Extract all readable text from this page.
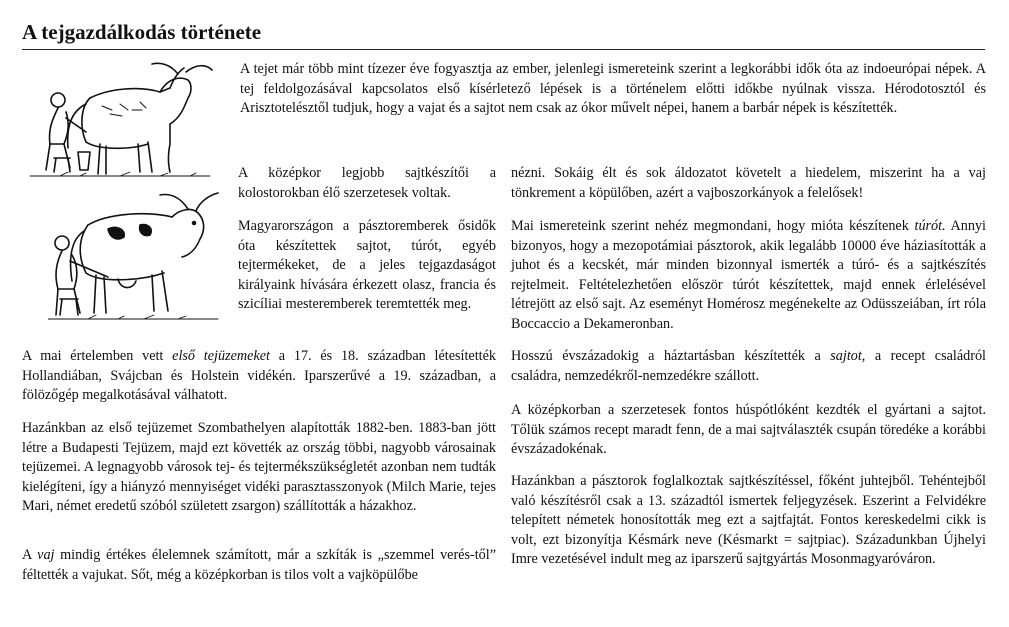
A tejgazdálkodás története

A tejet már több mint tízezer éve fogyasztja az ember, jelenlegi ismereteink szerint a legkorábbi idők óta az indoeurópai népek. A tej feldolgozásával kapcsolatos első kísérletező lépések is a történelem előtti időkbe nyúlnak vissza. Hérodotosztól és Arisztotelésztől tudjuk, hogy a vajat és a sajtot nem csak az ókor művelt népei, hanem a barbár népek is készítették.

A középkor legjobb sajtkészítői a kolostorokban élő szerzetesek voltak.

Magyarországon a pásztoremberek ősidők óta készítettek sajtot, túrót, egyéb tejtermékeket, de a jeles tejgazdaságot királyaink hívására érkezett olasz, francia és szicíliai mesteremberek teremtették meg.

A mai értelemben vett első tejüzemeket a 17. és 18. században létesítették Hollandiában, Svájcban és Holstein vidékén. Iparszerűvé a 19. században, a fölözőgép megalkotásával válhatott.

Hazánkban az első tejüzemet Szombathelyen alapították 1882-ben. 1883-ban jött létre a Budapesti Tejüzem, majd ezt követték az ország többi, nagyobb városainak tejüzemei. A legnagyobb városok tej- és tejtermékszükségletét azonban nem tudták kielégíteni, így a hiányzó mennyiséget vidéki parasztasszonyok (Milch Marie, tejes Mari, német eredetű szóból született zsargon) szállították a házakhoz.

A vaj mindig értékes élelemnek számított, már a szkíták is „szemmel verés-től” féltették a vajukat. Sőt, még a középkorban is tilos volt a vajköpülőbe

nézni. Sokáig élt és sok áldozatot követelt a hiedelem, miszerint ha a vaj tönkrement a köpülőben, azért a vajboszorkányok a felelősek!

Mai ismereteink szerint nehéz megmondani, hogy mióta készítenek túrót. Annyi bizonyos, hogy a mezopotámiai pásztorok, akik legalább 10000 éve háziasították a juhot és a kecskét, már minden bizonnyal ismerték a túró- és a sajtkészítés rejtelmeit. Feltételezhetően először túrót készítettek, majd ennek érlelésével létrejött az első sajt. Az eseményt Homérosz megénekelte az Odüsszeiában, írt róla Boccaccio a Dekameronban.

Hosszú évszázadokig a háztartásban készítették a sajtot, a recept családról családra, nemzedékről-nemzedékre szállott.

A középkorban a szerzetesek fontos húspótlóként kezdték el gyártani a sajtot. Tőlük számos recept maradt fenn, de a mai sajtválaszték csupán töredéke a korábbi évszázadokénak.

Hazánkban a pásztorok foglalkoztak sajtkészítéssel, főként juhtejből. Tehéntejből való készítésről csak a 13. századtól ismertek feljegyzések. Eszerint a Felvidékre telepített németek honosították meg ezt a sajtfajtát. Fontos kereskedelmi cikk is volt, ezt bizonyítja Késmárk neve (Késmarkt = sajtpiac). Századunkban Újhelyi Imre vezetésével indult meg az iparszerű sajtgyártás Mosonmagyaróváron.
